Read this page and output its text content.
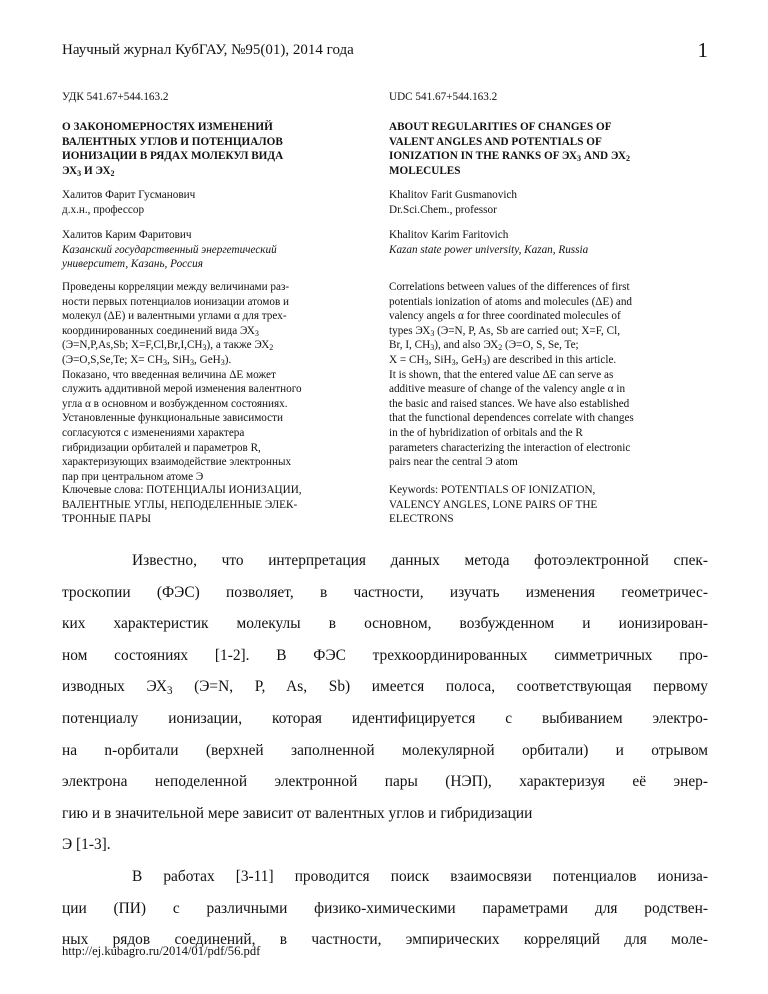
Научный журнал КубГАУ, №95(01), 2014 года	1
УДК 541.67+544.163.2
О ЗАКОНОМЕРНОСТЯХ ИЗМЕНЕНИЙ
ВАЛЕНТНЫХ УГЛОВ И ПОТЕНЦИАЛОВ
ИОНИЗАЦИИ В РЯДАХ МОЛЕКУЛ ВИДА
$ЭХ_3$ И $ЭХ_2$
Халитов Фарит Гусманович
д.х.н., профессор
Халитов Карим Фаритович
Казанский государственный энергетический
университет, Казань, Россия

Проведены корреляции между величинами раз-

ности первых потенциалов ионизации атомов и

молекул (ΔЕ) и валентными углами α для трех-

координированных соединений вида $ЭХ_3$

(Э=N,P,As,Sb; $X=F,Cl,Br,I,CH_3$), а также $ЭХ_2$

(Э=O,S,Se,Te; $X= CH_3$, SiH$_3$, GeH$_3$).

Показано, что введенная величина ΔЕ может

служить аддитивной мерой изменения валентного

угла α в основном и возбужденном состояниях.

Установленные функциональные зависимости

согласуются с изменениями характера

гибридизации орбиталей и параметров R,

характеризующих взаимодействие электронных

пар при центральном атоме Э

Ключевые слова: ПОТЕНЦИАЛЫ ИОНИЗАЦИИ,
ВАЛЕНТНЫЕ УГЛЫ, НЕПОДЕЛЕННЫЕ ЭЛЕК-
ТРОННЫЕ ПАРЫ
UDC 541.67+544.163.2
ABOUT REGULARITIES OF CHANGES OF
VALENT ANGLES AND POTENTIALS OF
IONIZATION IN THE RANKS OF $ЭХ_3$ AND $ЭХ_2$
MOLECULES
Khalitov Farit Gusmanovich
Dr.Sci.Chem., professor
Khalitov Karim Faritovich
Kazan state power university, Kazan, Russia

Correlations between values of the differences of first

potentials ionization of atoms and molecules (ΔE) and

valency angels α for three coordinated molecules of

types $ЭХ_3$ (Э=N, P, As, Sb are carried out; X=F, Cl,

Br, I, $CH_3$), and also $ЭХ_2$ (Э=O, S, Se, Te;

$X = CH_3$, SiH$_3$, GeH$_3$) are described in this article.

It is shown, that the entered value ΔE can serve as

additive measure of change of the valency angle α in

the basic and raised stances. We have also established

that the functional dependences correlate with changes

in the of hybridization of orbitals and the R

parameters characterizing the interaction of electronic

pairs near the central Э atom

Keywords: POTENTIALS OF IONIZATION,
VALENCY ANGLES, LONE PAIRS OF THE
ELECTRONS
Известно, что интерпретация данных метода фотоэлектронной спек-
троскопии (ФЭС) позволяет, в частности, изучать изменения геометричес-
ких характеристик молекулы в основном, возбужденном и ионизирован-
ном состояниях [1-2]. В ФЭС трехкоординированных симметричных про-
изводных $ЭХ_3$ (Э=N, P, As, Sb) имеется полоса, соответствующая первому
потенциалу ионизации, которая идентифицируется с выбиванием электро-
на n-орбитали (верхней заполненной молекулярной орбитали) и отрывом
электрона неподеленной электронной пары (НЭП), характеризуя её энер-
гию и в значительной мере зависит от валентных углов и гибридизации
Э [1-3].
В работах [3-11] проводится поиск взаимосвязи потенциалов иониза-
ции (ПИ) с различными физико-химическими параметрами для родствен-
ных рядов соединений, в частности, эмпирических корреляций для моле-
http://ej.kubagro.ru/2014/01/pdf/56.pdf
